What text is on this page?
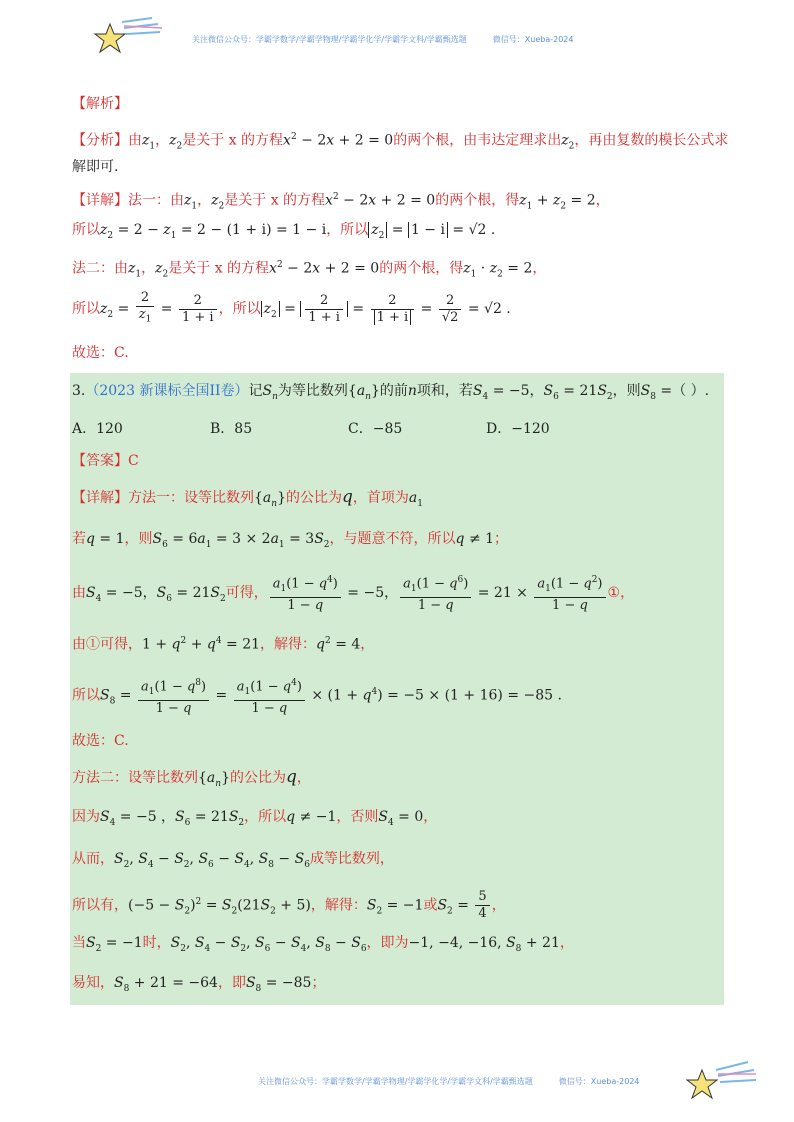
关注微信公众号：学霸学数学/学霸学物理/学霸学化学/学霸学文科/学霸甄选题	微信号：Xueba-2024
【解析】
【分析】由$z_1$，$z_2$是关于 x 的方程$x^2 - 2x + 2 = 0$的两个根，由韦达定理求出$z_2$，再由复数的模长公式求
解即可.
【详解】法一：由$z_1$，$z_2$是关于 x 的方程$x^2 - 2x + 2 = 0$的两个根，得$z_1 + z_2 = 2$，
所以$z_2 = 2 - z_1 = 2 - (1 + i) = 1 - i$，所以 $z_2 = 1 - i = √2$ .
法二：由$z_1$，$z_2$是关于 x 的方程$x^2 - 2x + 2 = 0$的两个根，得$z_1 \cdot z_2 = 2$，
所以$z_2 = \frac{2}{z_1} = \frac{2}{1 + i}$ ，所以 $z_2 = \frac{2}{1 + i} = \frac{2}{1 + i} = \frac{2}{√2} = √2$ .
故选：C.
3.（2023 新课标全国II卷）记$S_n$为等比数列$\{a_n\}$的前n项和，若$S_4 = -5$，$S_6 = 21S_2$，则$S_8$ =（ ）.
A．120	B．85	C．−85	D．−120
【答案】C
【详解】方法一：设等比数列$\{a_n\}$的公比为q，首项为$a_1$
若q = 1，则$S_6 = 6a_1 = 3 \times 2a_1 = 3S_2$，与题意不符，所以q ≠ 1；
由$S_4 = -5$，$S_6 = 21S_2$可得， $\frac{a_1(1 - q^4)}{1 - q} = -5$， $\frac{a_1(1 - q^6)}{1 - q} = 21 \times \frac{a_1(1 - q^2)}{1 - q}$ ①，
由①可得，$1 + q^2 + q^4 = 21$，解得：$q^2 = 4$，
所以$S_8 = \frac{a_1(1 - q^8)}{1 - q} = \frac{a_1(1 - q^4)}{1 - q} \times (1 + q^4) = -5 \times (1 + 16) = -85$ .
故选：C.
方法二：设等比数列$\{a_n\}$的公比为q，
因为$S_4 = -5$ ，$S_6 = 21S_2$，所以q ≠ −1，否则$S_4 = 0$，
从而，$S_2$, $S_4 - S_2$, $S_6 - S_4$, $S_8 - S_6$成等比数列，
所以有，$(-5 - S_2)^2 = S_2(21S_2 + 5)$，解得：$S_2 = -1$或$S_2 = \frac{5}{4}$ ，
当$S_2 = -1$时，$S_2$, $S_4 - S_2$, $S_6 - S_4$, $S_8 - S_6$，即为−1, −4, −16, $S_8 + 21$，
易知，$S_8 + 21 = -64$，即$S_8 = -85$；
关注微信公众号：学霸学数学/学霸学物理/学霸学化学/学霸学文科/学霸甄选题	微信号：Xueba-2024
